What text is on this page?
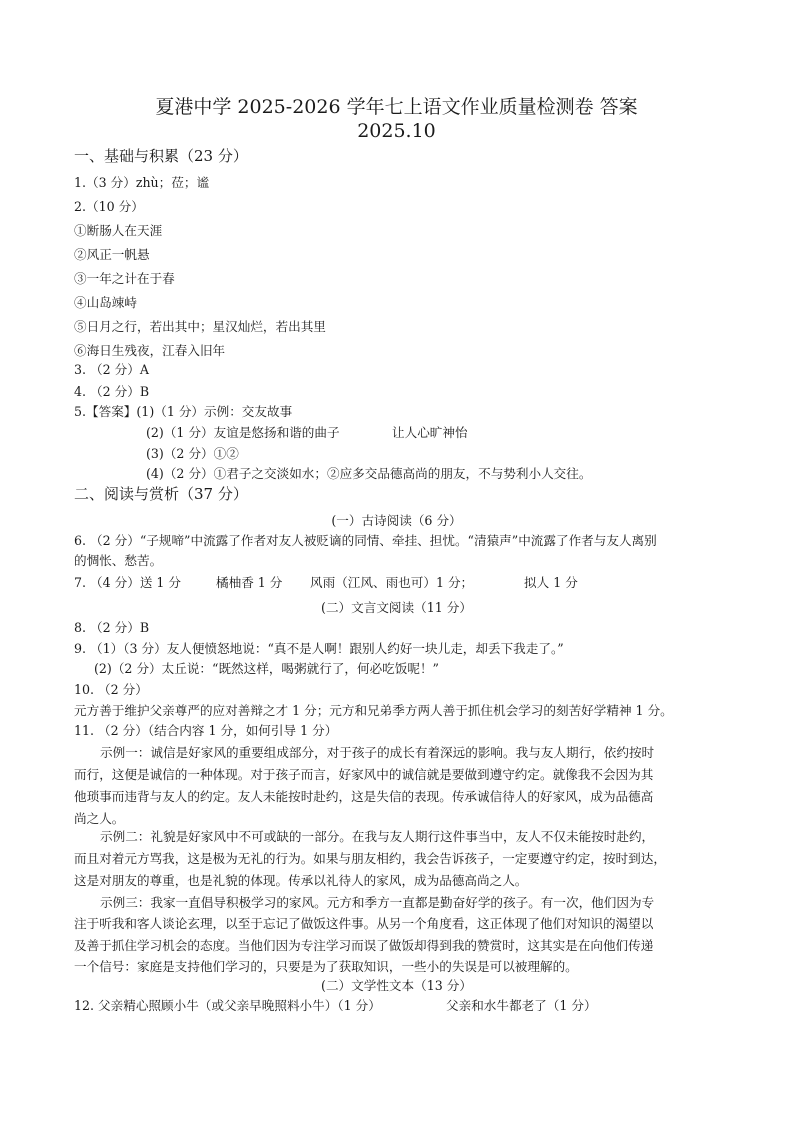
夏港中学 2025-2026 学年七上语文作业质量检测卷 答案
2025.10
一、基础与积累（23 分）
1.（3 分）zhù；莅；谧
2.（10 分）
①断肠人在天涯
②风正一帆悬
③一年之计在于春
④山岛竦峙
⑤日月之行，若出其中；星汉灿烂，若出其里
⑥海日生残夜，江春入旧年
3. （2 分）A
4. （2 分）B
5.【答案】(1)（1 分）示例：交友故事
(2)（1 分）友谊是悠扬和谐的曲子	让人心旷神怡
(3)（2 分）①②
(4)（2 分）①君子之交淡如水；②应多交品德高尚的朋友，不与势利小人交往。
二、阅读与赏析（37 分）
(一）古诗阅读（6 分）
6. （2 分）“子规啼”中流露了作者对友人被贬谪的同情、牵挂、担忧。“清猿声”中流露了作者与友人离别
的惆怅、愁苦。
7. （4 分）送 1 分	橘柚香 1 分 风雨（江风、雨也可）1 分；	拟人 1 分
(二）文言文阅读（11 分）
8. （2 分）B
9. （1）（3 分）友人便愤怒地说：“真不是人啊！跟别人约好一块儿走，却丢下我走了。”
(2)（2 分）太丘说：“既然这样，喝粥就行了，何必吃饭呢！”
10. （2 分）
元方善于维护父亲尊严的应对善辩之才 1 分；元方和兄弟季方两人善于抓住机会学习的刻苦好学精神 1 分。
11. （2 分）（结合内容 1 分，如何引导 1 分）
示例一：诚信是好家风的重要组成部分，对于孩子的成长有着深远的影响。我与友人期行，依约按时
而行，这便是诚信的一种体现。对于孩子而言，好家风中的诚信就是要做到遵守约定。就像我不会因为其
他琐事而违背与友人的约定。友人未能按时赴约，这是失信的表现。传承诚信待人的好家风，成为品德高
尚之人。
示例二：礼貌是好家风中不可或缺的一部分。在我与友人期行这件事当中，友人不仅未能按时赴约，
而且对着元方骂我，这是极为无礼的行为。如果与朋友相约，我会告诉孩子，一定要遵守约定，按时到达，
这是对朋友的尊重，也是礼貌的体现。传承以礼待人的家风，成为品德高尚之人。
示例三：我家一直倡导积极学习的家风。元方和季方一直都是勤奋好学的孩子。有一次，他们因为专
注于听我和客人谈论玄理，以至于忘记了做饭这件事。从另一个角度看，这正体现了他们对知识的渴望以
及善于抓住学习机会的态度。当他们因为专注学习而误了做饭却得到我的赞赏时，这其实是在向他们传递
一个信号：家庭是支持他们学习的，只要是为了获取知识，一些小的失误是可以被理解的。
(二）文学性文本（13 分）
12. 父亲精心照顾小牛（或父亲早晚照料小牛）（1 分）	父亲和水牛都老了（1 分）
